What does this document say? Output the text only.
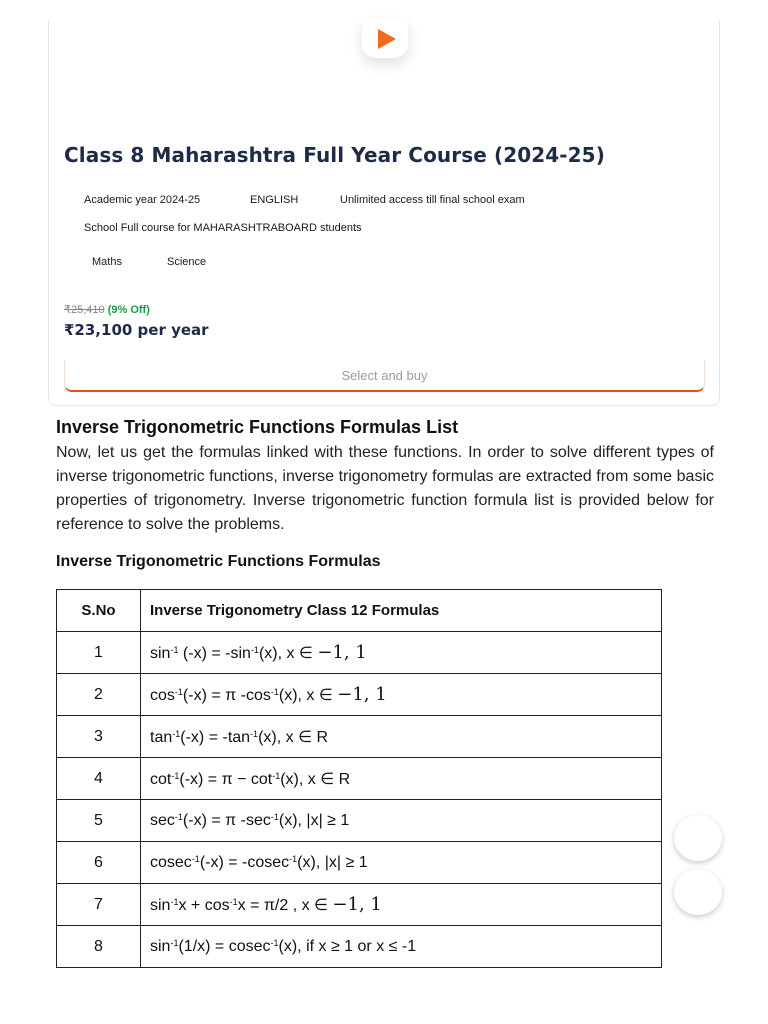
Class 8 Maharashtra Full Year Course (2024-25)
Academic year 2024-25	ENGLISH	Unlimited access till final school exam
School Full course for MAHARASHTRABOARD students
Maths	Science
₹25,410 (9% Off)
₹23,100 per year
Select and buy
Inverse Trigonometric Functions Formulas List
Now, let us get the formulas linked with these functions. In order to solve different types of inverse trigonometric functions, inverse trigonometry formulas are extracted from some basic properties of trigonometry. Inverse trigonometric function formula list is provided below for reference to solve the problems.
Inverse Trigonometric Functions Formulas
S.No	Inverse Trigonometry Class 12 Formulas
1	$\sin^{-1} (-x) = -\sin^{-1}(x)$, x ∈ −1, 1
2	$\cos^{-1}(-x) = \pi$ $-\cos^{-1}(x)$, x ∈ −1, 1
3	$\tan^{-1}(-x) = -\tan^{-1}(x)$, x ∈ R
4	$\cot^{-1}(-x) = \pi - \cot^{-1}(x)$, x ∈ R
5	$\sec^{-1}(-x) = \pi$ $-\sec^{-1}(x)$, |x| ≥ 1
6	cosec$^{-1}$(-x) = -cosec$^{-1}$(x), |x| ≥ 1
7	$\sin^{-1}x + \cos^{-1}x = \pi/2$ , x ∈ −1, 1
8	$\sin^{-1}(1/x) = cosec^{-1}(x)$, if x ≥ 1 or x ≤ -1
